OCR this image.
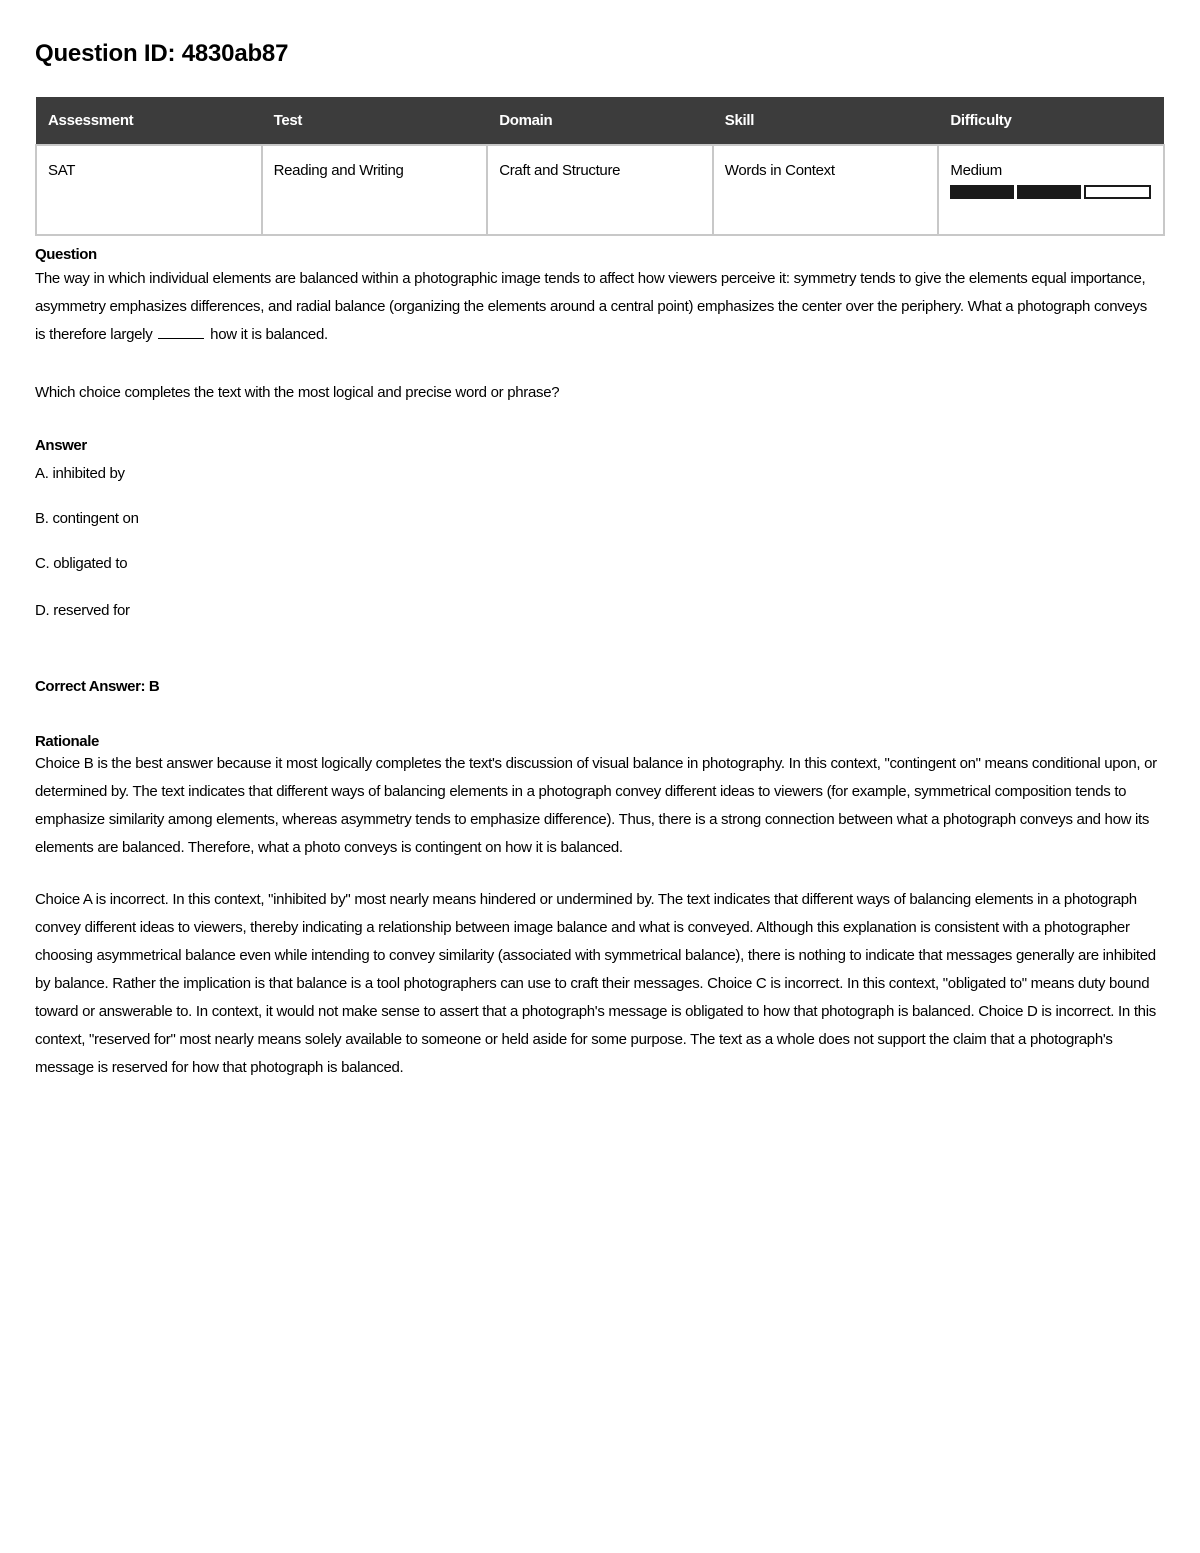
Question ID: 4830ab87
Assessment	Test	Domain	Skill	Difficulty
SAT	Reading and Writing	Craft and Structure	Words in Context	Medium
Question
The way in which individual elements are balanced within a photographic image tends to affect how viewers perceive it: symmetry tends to give the elements equal importance, asymmetry emphasizes differences, and radial balance (organizing the elements around a central point) emphasizes the center over the periphery. What a photograph conveys is therefore largely	how it is balanced.
Which choice completes the text with the most logical and precise word or phrase?
Answer
A. inhibited by
B. contingent on
C. obligated to
D. reserved for
Correct Answer: B
Rationale
Choice B is the best answer because it most logically completes the text's discussion of visual balance in photography. In this context, "contingent on" means conditional upon, or determined by. The text indicates that different ways of balancing elements in a photograph convey different ideas to viewers (for example, symmetrical composition tends to emphasize similarity among elements, whereas asymmetry tends to emphasize difference). Thus, there is a strong connection between what a photograph conveys and how its elements are balanced. Therefore, what a photo conveys is contingent on how it is balanced.
Choice A is incorrect. In this context, "inhibited by" most nearly means hindered or undermined by. The text indicates that different ways of balancing elements in a photograph convey different ideas to viewers, thereby indicating a relationship between image balance and what is conveyed. Although this explanation is consistent with a photographer choosing asymmetrical balance even while intending to convey similarity (associated with symmetrical balance), there is nothing to indicate that messages generally are inhibited by balance. Rather the implication is that balance is a tool photographers can use to craft their messages. Choice C is incorrect. In this context, "obligated to" means duty bound toward or answerable to. In context, it would not make sense to assert that a photograph's message is obligated to how that photograph is balanced. Choice D is incorrect. In this context, "reserved for" most nearly means solely available to someone or held aside for some purpose. The text as a whole does not support the claim that a photograph's message is reserved for how that photograph is balanced.
